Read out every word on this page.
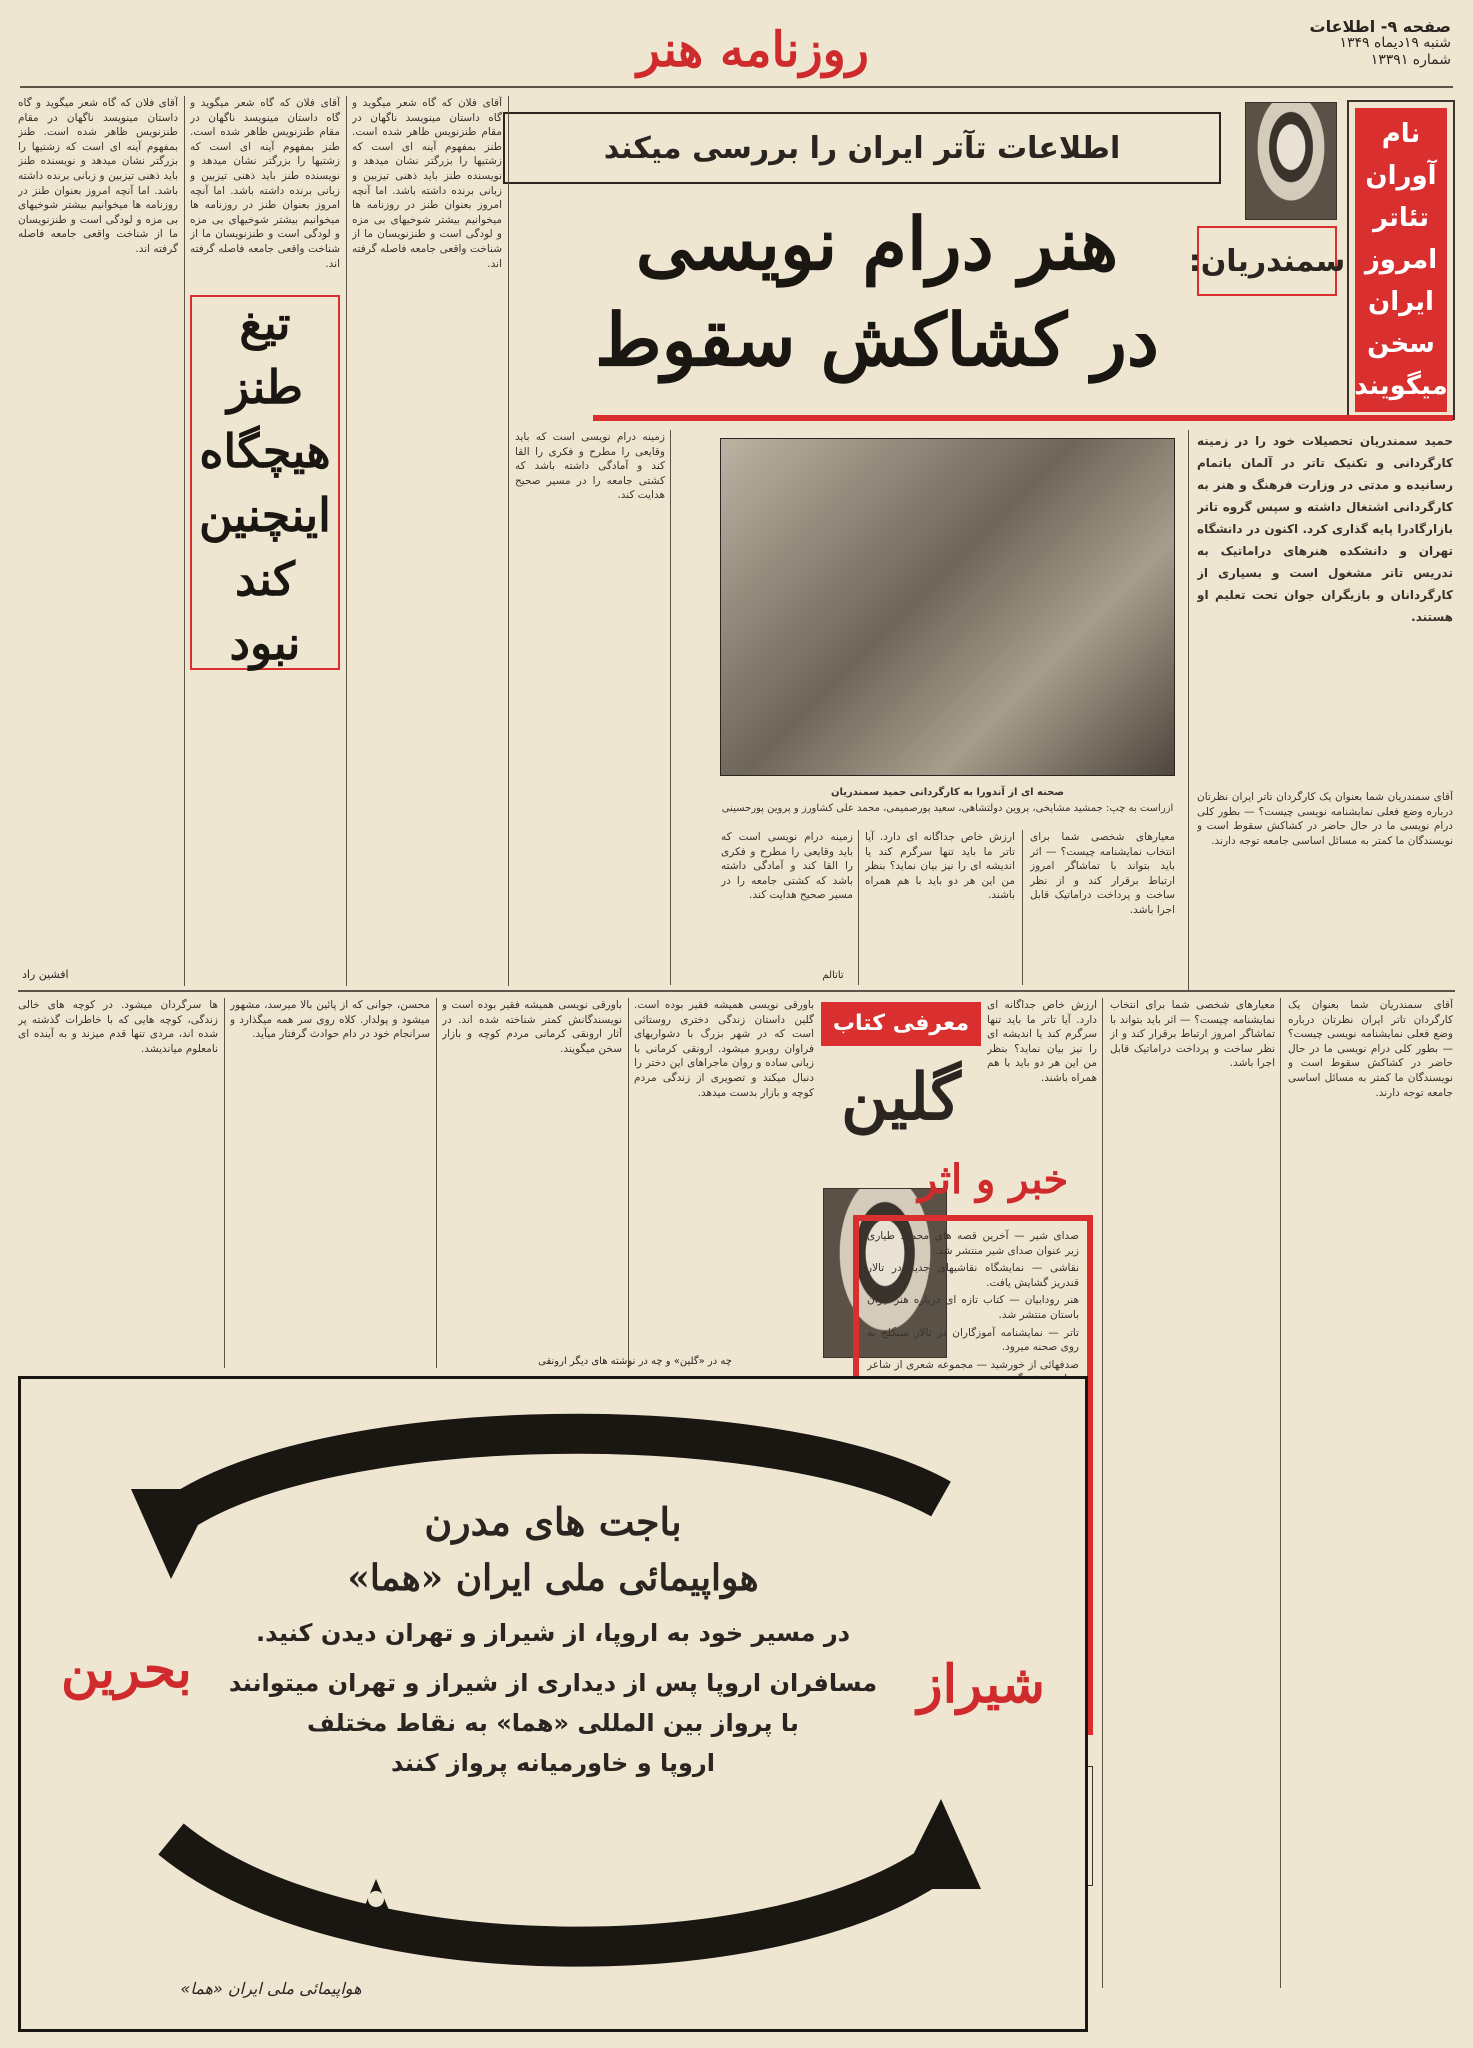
صفحه ۹- اطلاعات
شنبه ۱۹دیماه ۱۳۴۹
شماره ۱۳۳۹۱
روزنامه هنر
نام آوران تئاتر امروز ایران سخن میگویند
اطلاعات تآتر ایران را بررسی میکند
سمندریان:
هنر درام نویسی
در کشاکش سقوط
آقای فلان که گاه شعر میگوید و گاه داستان مینویسد ناگهان در مقام طنزنویس ظاهر شده است. طنز بمفهوم آینه ای است که زشتیها را بزرگتر نشان میدهد و نویسنده طنز باید ذهنی تیزبین و زبانی برنده داشته باشد. اما آنچه امروز بعنوان طنز در روزنامه ها میخوانیم بیشتر شوخیهای بی مزه و لودگی است و طنزنویسان ما از شناخت واقعی جامعه فاصله گرفته اند.
آقای فلان که گاه شعر میگوید و گاه داستان مینویسد ناگهان در مقام طنزنویس ظاهر شده است. طنز بمفهوم آینه ای است که زشتیها را بزرگتر نشان میدهد و نویسنده طنز باید ذهنی تیزبین و زبانی برنده داشته باشد. اما آنچه امروز بعنوان طنز در روزنامه ها میخوانیم بیشتر شوخیهای بی مزه و لودگی است و طنزنویسان ما از شناخت واقعی جامعه فاصله گرفته اند.
آقای فلان که گاه شعر میگوید و گاه داستان مینویسد ناگهان در مقام طنزنویس ظاهر شده است. طنز بمفهوم آینه ای است که زشتیها را بزرگتر نشان میدهد و نویسنده طنز باید ذهنی تیزبین و زبانی برنده داشته باشد. اما آنچه امروز بعنوان طنز در روزنامه ها میخوانیم بیشتر شوخیهای بی مزه و لودگی است و طنزنویسان ما از شناخت واقعی جامعه فاصله گرفته اند.
تیغ طنز هیچگاه اینچنین کند نبود
افشین راد
حمید سمندریان تحصیلات خود را در زمینه کارگردانی و تکنیک تاتر در آلمان باتمام رسانیده و مدتی در وزارت فرهنگ و هنر به کارگردانی اشتغال داشته و سپس گروه تاتر بازارگادرا پایه گذاری کرد. اکنون در دانشگاه تهران و دانشکده هنرهای دراماتیک به تدریس تاتر مشغول است و بسیاری از کارگردانان و بازیگران جوان تحت تعلیم او هستند.
صحنه ای از آندورا به کارگردانی حمید سمندریان
ازراست به چپ: جمشید مشایخی، پروین دولتشاهی، سعید پورصمیمی، محمد علی کشاورز و پروین پورحسینی
زمینه درام نویسی است که باید وقایعی را مطرح و فکری را القا کند و آمادگی داشته باشد که کشتی جامعه را در مسیر صحیح هدایت کند.
آقای سمندریان شما بعنوان یک کارگردان تاتر ایران نظرتان درباره وضع فعلی نمایشنامه نویسی چیست؟ — بطور کلی درام نویسی ما در حال حاضر در کشاکش سقوط است و نویسندگان ما کمتر به مسائل اساسی جامعه توجه دارند.
معیارهای شخصی شما برای انتخاب نمایشنامه چیست؟ — اثر باید بتواند با تماشاگر امروز ارتباط برقرار کند و از نظر ساخت و پرداخت دراماتیک قابل اجرا باشد.
ارزش خاص جداگانه ای دارد. آیا تاتر ما باید تنها سرگرم کند یا اندیشه ای را نیز بیان نماید؟ بنظر من این هر دو باید با هم همراه باشند.
زمینه درام نویسی است که باید وقایعی را مطرح و فکری را القا کند و آمادگی داشته باشد که کشتی جامعه را در مسیر صحیح هدایت کند.
تاتالم
ها سرگردان میشود. در کوچه های خالی زندگی، کوچه هایی که با خاطرات گذشته پر شده اند، مردی تنها قدم میزند و به آینده ای نامعلوم میاندیشد.
محسن، جوانی که از پائین بالا میرسد، مشهور میشود و پولدار. کلاه روی سر همه میگذارد و سرانجام خود در دام حوادث گرفتار میآید.
باورقی نویسی همیشه فقیر بوده است و نویسندگانش کمتر شناخته شده اند. در آثار ارونقی کرمانی مردم کوچه و بازار سخن میگویند.
باورقی نویسی همیشه فقیر بوده است. گلین داستان زندگی دختری روستائی است که در شهر بزرگ با دشواریهای فراوان روبرو میشود. ارونقی کرمانی با زبانی ساده و روان ماجراهای این دختر را دنبال میکند و تصویری از زندگی مردم کوچه و بازار بدست میدهد.
چه در «گلین» و چه در نوشته های دیگر ارونقی
معرفی کتاب
گلین
آقای سمندریان شما بعنوان یک کارگردان تاتر ایران نظرتان درباره وضع فعلی نمایشنامه نویسی چیست؟ — بطور کلی درام نویسی ما در حال حاضر در کشاکش سقوط است و نویسندگان ما کمتر به مسائل اساسی جامعه توجه دارند.
معیارهای شخصی شما برای انتخاب نمایشنامه چیست؟ — اثر باید بتواند با تماشاگر امروز ارتباط برقرار کند و از نظر ساخت و پرداخت دراماتیک قابل اجرا باشد.
ارزش خاص جداگانه ای دارد. آیا تاتر ما باید تنها سرگرم کند یا اندیشه ای را نیز بیان نماید؟ بنظر من این هر دو باید با هم همراه باشند.
خبر و اثر

صدای شیر — آخرین قصه های محمود طیاری زیر عنوان صدای شیر منتشر شد.

نقاشی — نمایشگاه نقاشیهای جدید در تالار قندریز گشایش یافت.

هنر رودابیان — کتاب تازه ای درباره هنر ایران باستان منتشر شد.

تاتر — نمایشنامه آموزگاران در تالار سنگلج به روی صحنه میرود.

صدفهائی از خورشید — مجموعه شعری از شاعر

باجت های مدرن
هواپیمائی ملی ایران «هما»
در مسیر خود به اروپا، از شیراز و تهران دیدن کنید.
مسافران اروپا پس از دیداری از شیراز و تهران میتوانند
با پرواز بین المللی «هما» به نقاط مختلف
اروپا و خاورمیانه پرواز کنند
بحرین	شیراز
هواپیمائی ملی ایران «هما»
